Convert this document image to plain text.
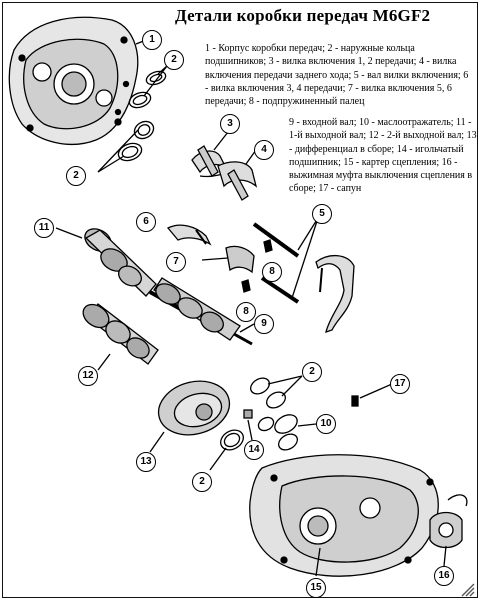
Детали коробки передач M6GF2
1 - Корпус коробки передач; 2 - наружные кольца подшипников; 3 - вилка включения 1, 2 передачи; 4 - вилка включения передачи заднего хода; 5 - вал вилки включения; 6 - вилка включения 3, 4 передачи; 7 - вилка включения 5, 6 передачи; 8 - подпружиненный палец
9 - входной вал; 10 - маслоотражатель; 11 - 1-й выходной вал; 12 - 2-й выходной вал; 13 - дифференциал в сборе; 14 - игольчатый подшипник; 15 - картер сцепления; 16 - выжимная муфта выключения сцепления в сборе; 17 - сапун
1
2
2
3
4
5
6
7
8
8
9
11
12	2
2
10
13
14
17
15
16
